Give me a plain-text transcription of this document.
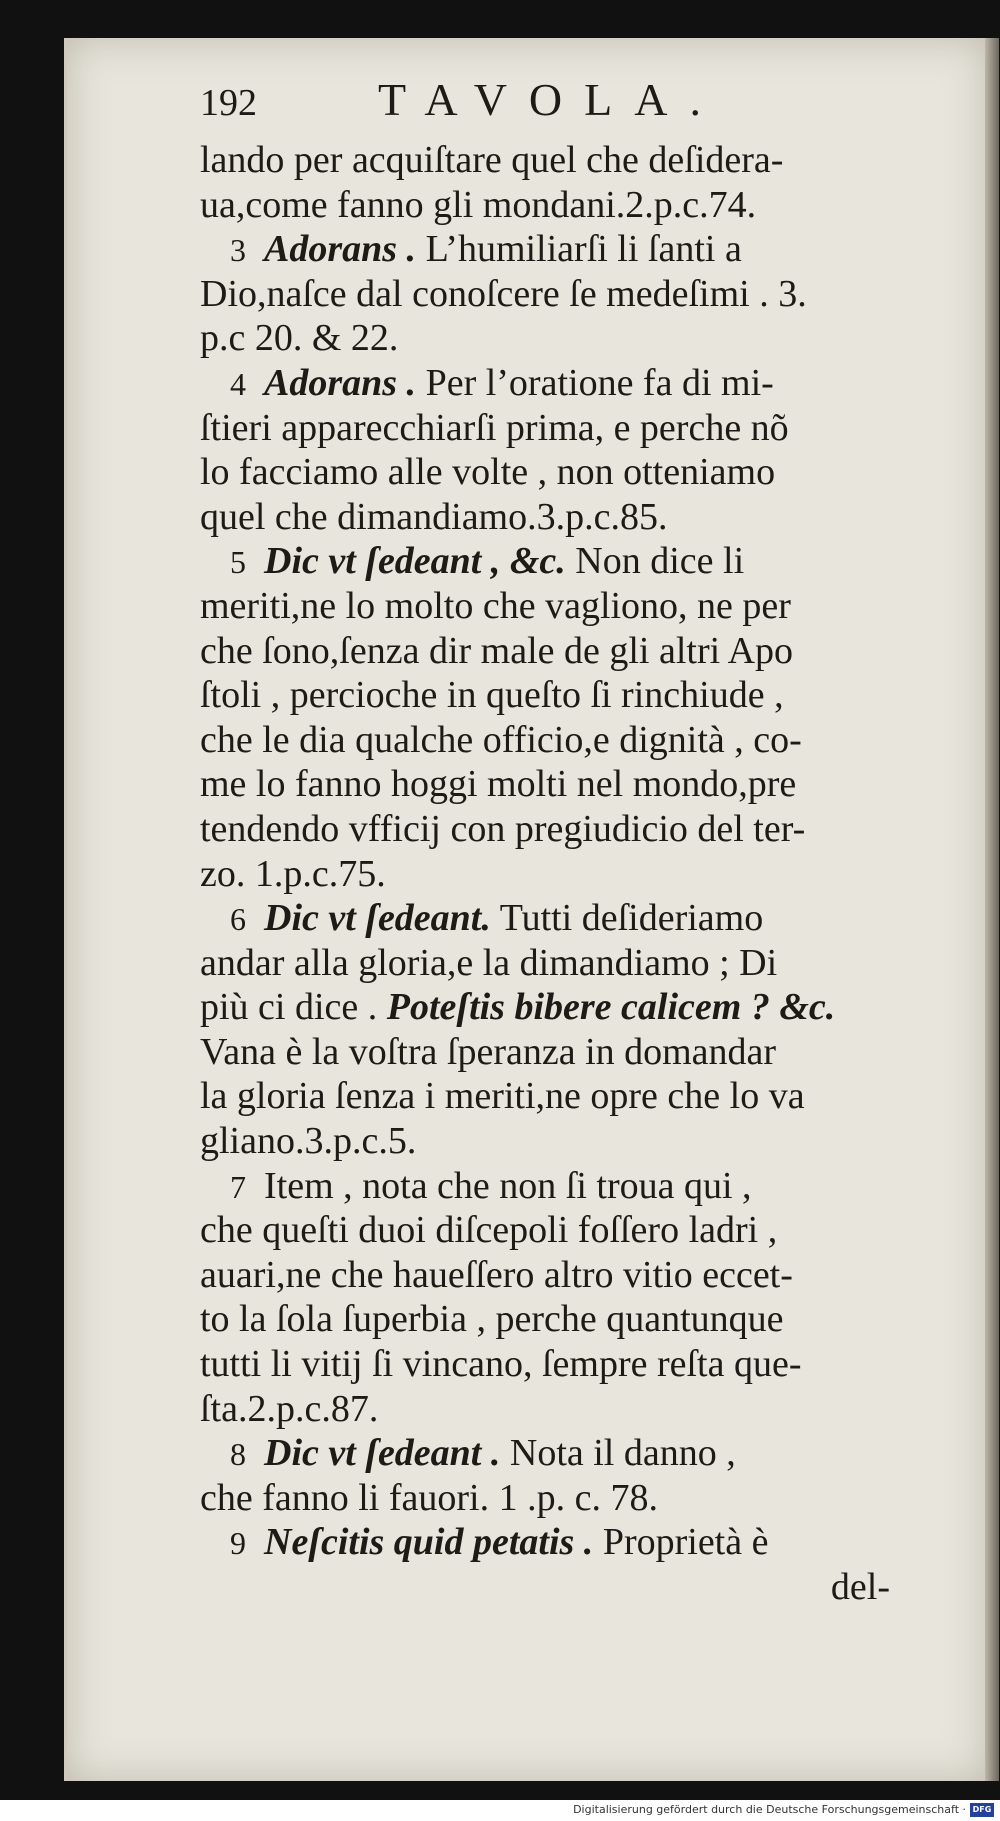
192	TAVOLA.
lando per acquiſtare quel che deſidera-
ua,come fanno gli mondani.2.p.c.74.
3 Adorans . L’humiliarſi li ſanti a
Dio,naſce dal conoſcere ſe medeſimi . 3.
p.c 20. & 22.
4 Adorans . Per l’oratione fa di mi-
ſtieri apparecchiarſi prima, e perche nõ
lo facciamo alle volte , non otteniamo
quel che dimandiamo.3.p.c.85.
5 Dic vt ſedeant , &c. Non dice li
meriti,ne lo molto che vagliono, ne per
che ſono,ſenza dir male de gli altri Apo
ſtoli , percioche in queſto ſi rinchiude ,
che le dia qualche officio,e dignità , co-
me lo fanno hoggi molti nel mondo,pre
tendendo vfficij con pregiudicio del ter-
zo. 1.p.c.75.
6 Dic vt ſedeant. Tutti deſideriamo
andar alla gloria,e la dimandiamo ; Di
più ci dice . Poteſtis bibere calicem ? &c.
Vana è la voſtra ſperanza in domandar
la gloria ſenza i meriti,ne opre che lo va
gliano.3.p.c.5.
7 Item , nota che non ſi troua qui ,
che queſti duoi diſcepoli foſſero ladri ,
auari,ne che haueſſero altro vitio eccet-
to la ſola ſuperbia , perche quantunque
tutti li vitij ſi vincano, ſempre reſta que-
ſta.2.p.c.87.
8 Dic vt ſedeant . Nota il danno ,
che fanno li fauori. 1 .p. c. 78.
9 Neſcitis quid petatis . Proprietà è
del-
Digitalisierung gefördert durch die Deutsche Forschungsgemeinschaft · DFG
